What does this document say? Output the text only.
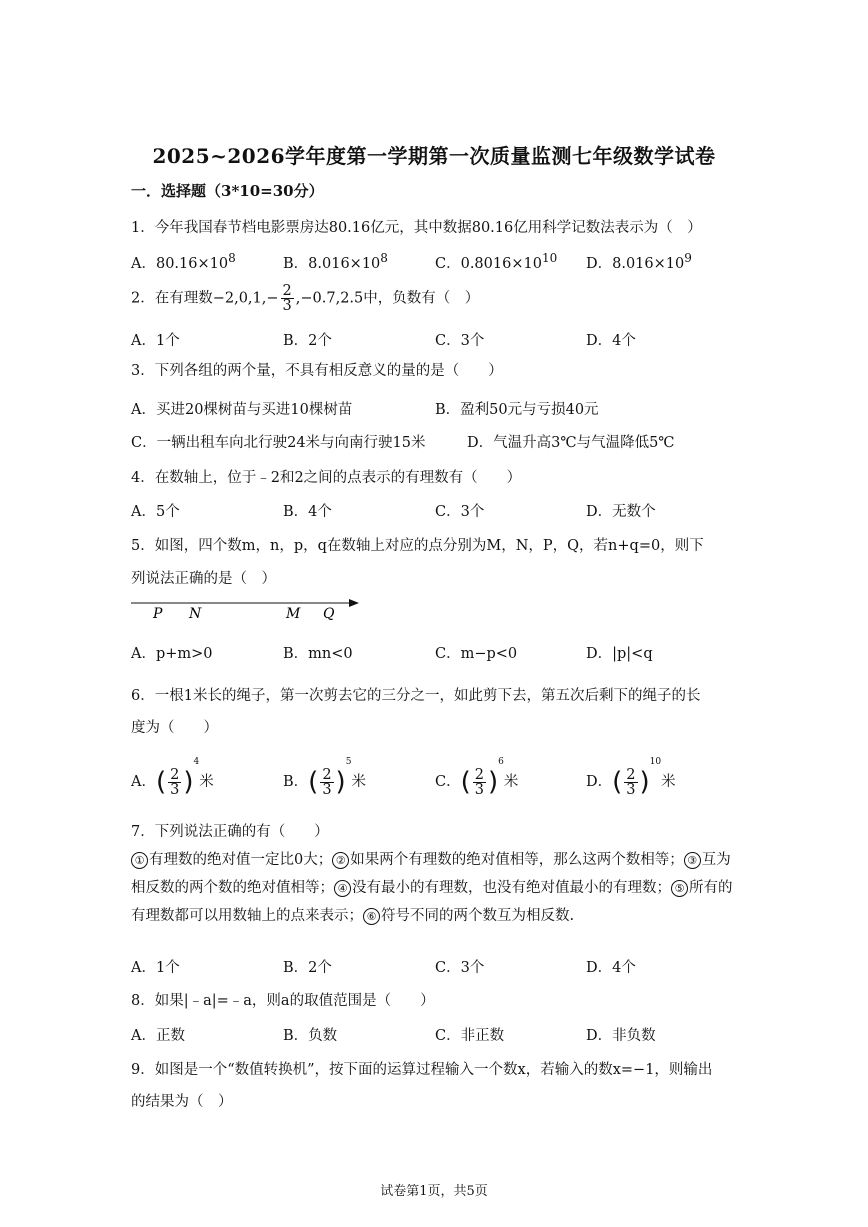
2025~2026学年度第一学期第一次质量监测七年级数学试卷
一．选择题（3*10=30分）
1．今年我国春节档电影票房达80.16亿元，其中数据80.16亿用科学记数法表示为（　）
A．$80.16\times 10^8$	B．$8.016\times 10^8$	C．$0.8016\times 10^{10}$ D．$8.016\times 10^9$
2．在有理数$-2,0,1,- \frac{2}{3} ,-0.7,2.5$中，负数有（　）
A．1个	B．2个	C．3个	D．4个
3．下列各组的两个量，不具有相反意义的量的是（　　）
A．买进20棵树苗与买进10棵树苗	B．盈利50元与亏损40元
C．一辆出租车向北行驶24米与向南行驶15米	D．气温升高3℃与气温降低5℃
4．在数轴上，位于﹣2和2之间的点表示的有理数有（　　）
A．5个	B．4个	C．3个	D．无数个
5．如图，四个数m，n，p，q在数轴上对应的点分别为M，N，P，Q，若n+q=0，则下
列说法正确的是（　）
P N	M Q
A．p+m>0	B．mn<0	C．m−p<0	D．|p|<q
6．一根1米长的绳子，第一次剪去它的三分之一，如此剪下去，第五次后剩下的绳子的长
度为（　　）
A．( $\frac{2}{3} )^4$米	B．( $\frac{2}{3} )^5$米	C．( $\frac{2}{3} )^6$米	D．( $\frac{2}{3} )^{10}$米
7．下列说法正确的有（　　）
① 有理数的绝对值一定比0大； ② 如果两个有理数的绝对值相等，那么这两个数相等； ③ 互为相反数的两个数的绝对值相等； ④ 没有最小的有理数，也没有绝对值最小的有理数； ⑤ 所有的有理数都可以用数轴上的点来表示； ⑥ 符号不同的两个数互为相反数.
A．1个	B．2个	C．3个	D．4个
8．如果|﹣a|=﹣a，则a的取值范围是（　　）
A．正数	B．负数	C．非正数	D．非负数
9．如图是一个“数值转换机”，按下面的运算过程输入一个数x，若输入的数x=−1，则输出
的结果为（　）
试卷第1页，共5页
